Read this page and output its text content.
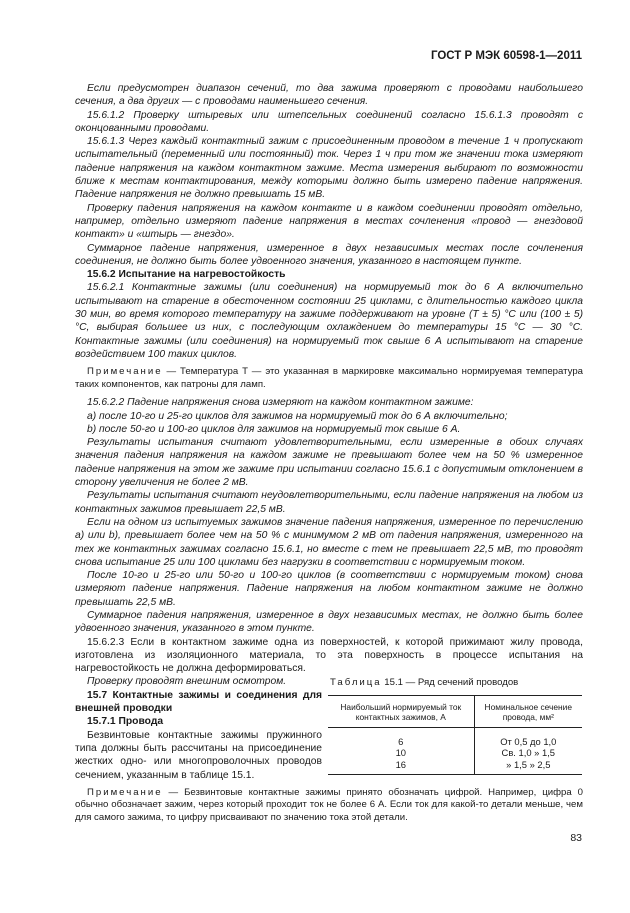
ГОСТ Р МЭК 60598-1—2011

Если предусмотрен диапазон сечений, то два зажима проверяют с проводами наибольшего сечения, а два других — с проводами наименьшего сечения.

15.6.1.2 Проверку штыревых или штепсельных соединений согласно 15.6.1.3 проводят с оконцованными проводами.

15.6.1.3 Через каждый контактный зажим с присоединенным проводом в течение 1 ч пропускают испытательный (переменный или постоянный) ток. Через 1 ч при том же значении тока измеряют падение напряжения на каждом контактном зажиме. Места измерения выбирают по возможности ближе к местам контактирования, между которыми должно быть измерено падение напряжения. Падение напряжения не должно превышать 15 мВ.

Проверку падения напряжения на каждом контакте и в каждом соединении проводят отдельно, например, отдельно измеряют падение напряжения в местах сочленения «провод — гнездовой контакт» и «штырь — гнездо».

Суммарное падение напряжения, измеренное в двух независимых местах после сочленения соединения, не должно быть более удвоенного значения, указанного в настоящем пункте.

15.6.2 Испытание на нагревостойкость

15.6.2.1 Контактные зажимы (или соединения) на нормируемый ток до 6 А включительно испытывают на старение в обесточенном состоянии 25 циклами, с длительностью каждого цикла 30 мин, во время которого температуру на зажиме поддерживают на уровне (T ± 5) °С или (100 ± 5) °С, выбирая большее из них, с последующим охлаждением до температуры 15 °С — 30 °С. Контактные зажимы (или соединения) на нормируемый ток свыше 6 А испытывают на старение воздействием 100 таких циклов.

Примечание — Температура T — это указанная в маркировке максимально нормируемая температура таких компонентов, как патроны для ламп.

15.6.2.2 Падение напряжения снова измеряют на каждом контактном зажиме:

a) после 10-го и 25-го циклов для зажимов на нормируемый ток до 6 А включительно;

b) после 50-го и 100-го циклов для зажимов на нормируемый ток свыше 6 А.

Результаты испытания считают удовлетворительными, если измеренные в обоих случаях значения падения напряжения на каждом зажиме не превышают более чем на 50 % измеренное падение напряжения на этом же зажиме при испытании согласно 15.6.1 с допустимым отклонением в сторону увеличения не более 2 мВ.

Результаты испытания считают неудовлетворительными, если падение напряжения на любом из контактных зажимов превышает 22,5 мВ.

Если на одном из испытуемых зажимов значение падения напряжения, измеренное по перечислению а) или b), превышает более чем на 50 % с минимумом 2 мВ от падения напряжения, измеренного на тех же контактных зажимах согласно 15.6.1, но вместе с тем не превышает 22,5 мВ, то проводят снова испытание 25 или 100 циклами без нагрузки в соответствии с нормируемым током.

После 10-го и 25-го или 50-го и 100-го циклов (в соответствии с нормируемым током) снова измеряют падение напряжения. Падение напряжения на любом контактном зажиме не должно превышать 22,5 мВ.

Суммарное падения напряжения, измеренное в двух независимых местах, не должно быть более удвоенного значения, указанного в этом пункте.

15.6.2.3 Если в контактном зажиме одна из поверхностей, к которой прижимают жилу провода, изготовлена из изоляционного материала, то эта поверхность в процессе испытания на нагревостойкость не должна деформироваться.

Проверку проводят внешним осмотром.

15.7 Контактные зажимы и соединения для внешней проводки

15.7.1 Провода

Безвинтовые контактные зажимы пружинного типа должны быть рассчитаны на присоединение жестких одно- или многопроволочных проводов сечением, указанным в таблице 15.1.

Таблица 15.1 — Ряд сечений проводов
Наибольший нормируемый ток контактных зажимов, А	Номинальное сечение провода, мм²
6	От 0,5 до 1,0
10	Св. 1,0 » 1,5
16	» 1,5 » 2,5

Примечание — Безвинтовые контактные зажимы принято обозначать цифрой. Например, цифра 0 обычно обозначает зажим, через который проходит ток не более 6 А. Если ток для какой-то детали меньше, чем для самого зажима, то цифру присваивают по значению тока этой детали.

83
